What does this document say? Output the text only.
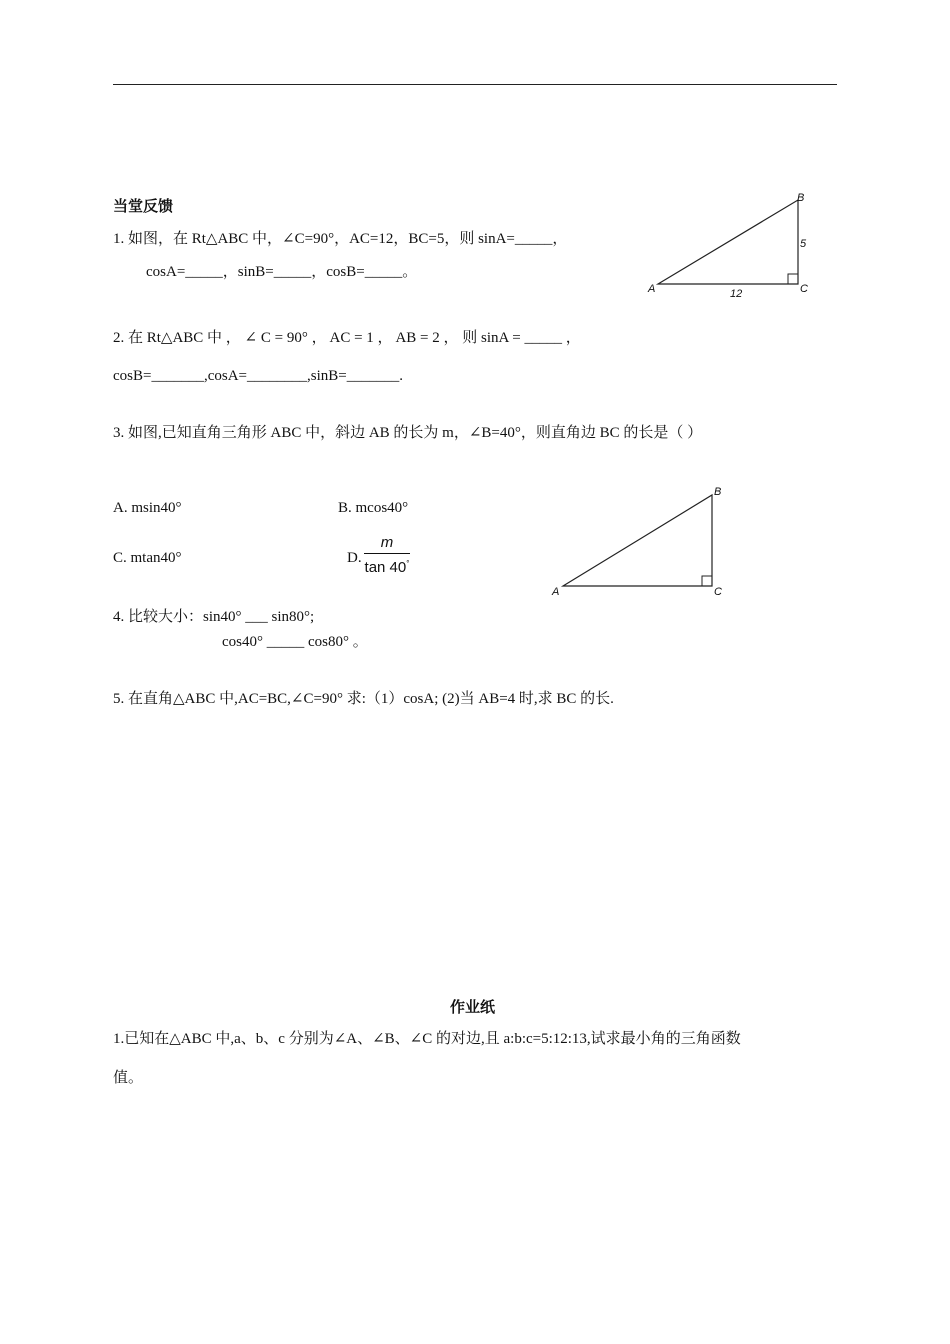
当堂反馈
1. 如图，在 Rt△ABC 中，∠C=90°，AC=12，BC=5，则 sinA=_____，
cosA=_____，sinB=_____，cosB=_____。
A
B
C
12
5
2. 在 Rt△ABC 中 ， ∠ C = 90° ， AC = 1 ， AB = 2 ， 则 sinA = _____ ，
cosB=_______,cosA=________,sinB=_______.
3. 如图,已知直角三角形 ABC 中，斜边 AB 的长为 m，∠B=40°，则直角边 BC 的长是（ ）
A. msin40°	B. mcos40°
C. mtan40°	D.
m
tan 40°
A
B
C
4. 比较大小：sin40° ___ sin80°;
cos40° _____ cos80° 。
5. 在直角△ABC 中,AC=BC,∠C=90° 求:（1）cosA; (2)当 AB=4 时,求 BC 的长.
作业纸
1.已知在△ABC 中,a、b、c 分别为∠A、∠B、∠C 的对边,且 a:b:c=5:12:13,试求最小角的三角函数
值。
